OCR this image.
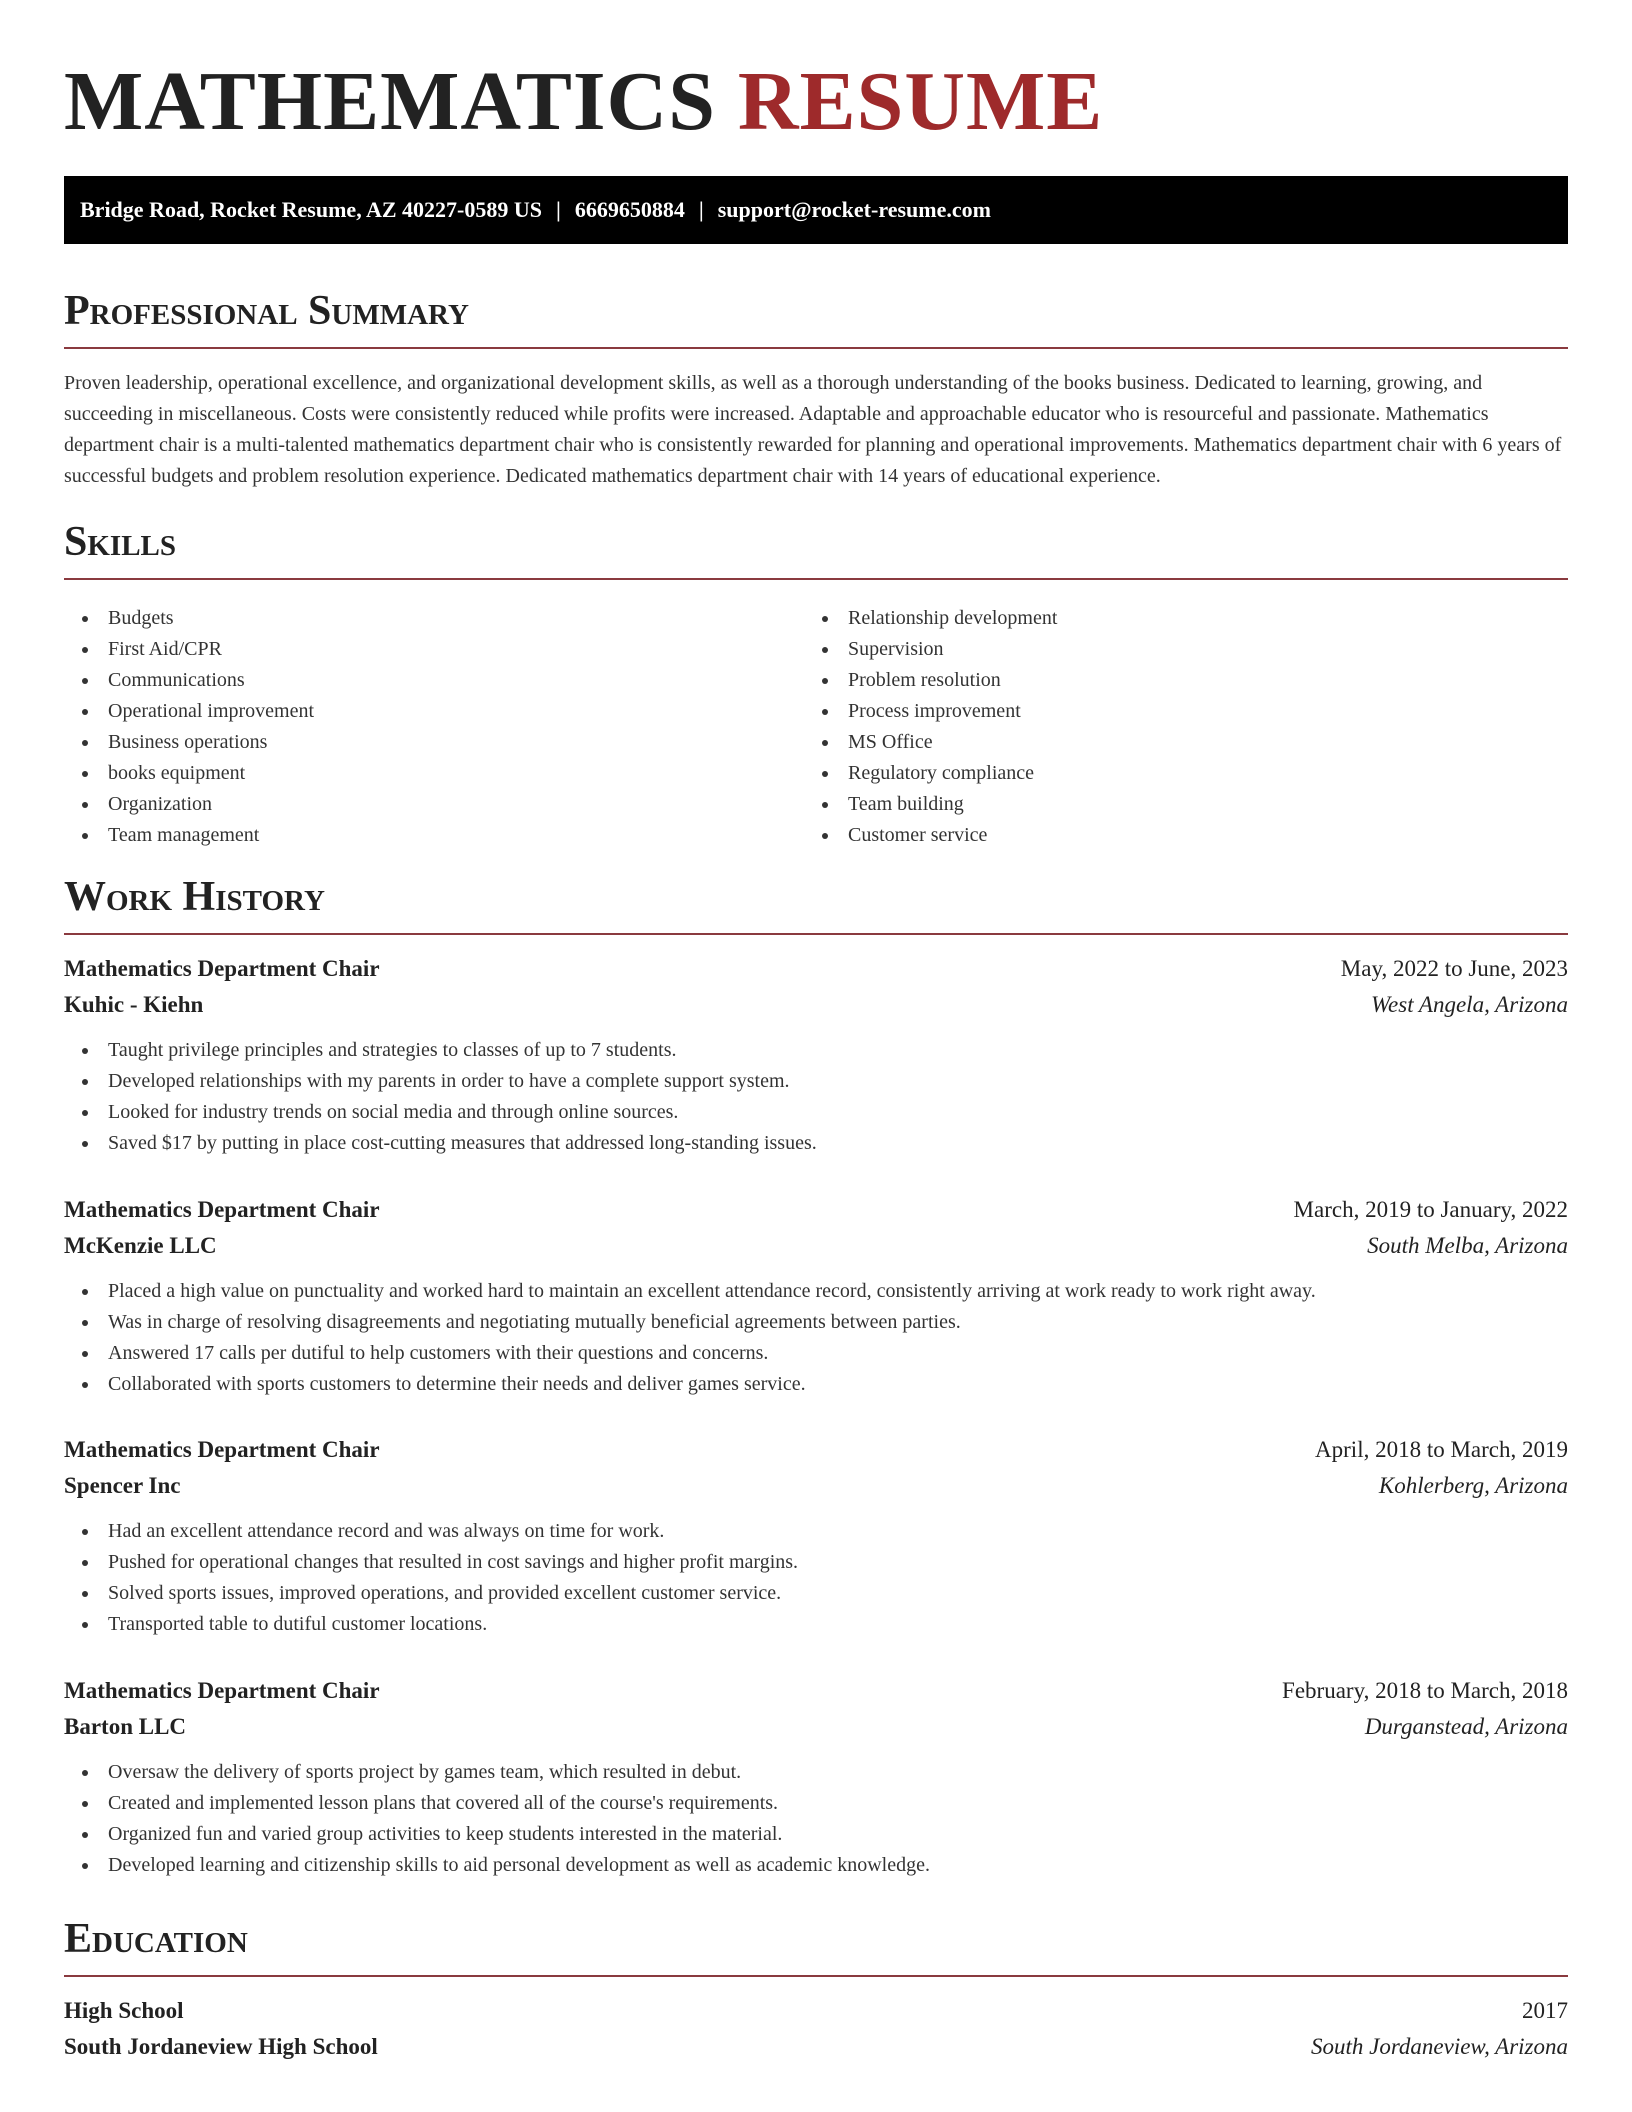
MATHEMATICS RESUME
Bridge Road, Rocket Resume, AZ 40227-0589 US | 6669650884 | support@rocket-resume.com
Professional Summary

Proven leadership, operational excellence, and organizational development skills, as well as a thorough understanding of the books business. Dedicated to learning, growing, and succeeding in miscellaneous. Costs were consistently reduced while profits were increased. Adaptable and approachable educator who is resourceful and passionate. Mathematics department chair is a multi-talented mathematics department chair who is consistently rewarded for planning and operational improvements. Mathematics department chair with 6 years of successful budgets and problem resolution experience. Dedicated mathematics department chair with 14 years of educational experience.

Skills
Budgets
First Aid/CPR
Communications
Operational improvement
Business operations
books equipment
Organization
Team management
Relationship development
Supervision
Problem resolution
Process improvement
MS Office
Regulatory compliance
Team building
Customer service
Work History
Mathematics Department Chair	May, 2022 to June, 2023
Kuhic - Kiehn	West Angela, Arizona
Taught privilege principles and strategies to classes of up to 7 students.
Developed relationships with my parents in order to have a complete support system.
Looked for industry trends on social media and through online sources.
Saved $17 by putting in place cost-cutting measures that addressed long-standing issues.
Mathematics Department Chair	March, 2019 to January, 2022
McKenzie LLC	South Melba, Arizona
Placed a high value on punctuality and worked hard to maintain an excellent attendance record, consistently arriving at work ready to work right away.
Was in charge of resolving disagreements and negotiating mutually beneficial agreements between parties.
Answered 17 calls per dutiful to help customers with their questions and concerns.
Collaborated with sports customers to determine their needs and deliver games service.
Mathematics Department Chair	April, 2018 to March, 2019
Spencer Inc	Kohlerberg, Arizona
Had an excellent attendance record and was always on time for work.
Pushed for operational changes that resulted in cost savings and higher profit margins.
Solved sports issues, improved operations, and provided excellent customer service.
Transported table to dutiful customer locations.
Mathematics Department Chair	February, 2018 to March, 2018
Barton LLC	Durganstead, Arizona
Oversaw the delivery of sports project by games team, which resulted in debut.
Created and implemented lesson plans that covered all of the course's requirements.
Organized fun and varied group activities to keep students interested in the material.
Developed learning and citizenship skills to aid personal development as well as academic knowledge.
Education
High School	2017
South Jordaneview High School	South Jordaneview, Arizona
